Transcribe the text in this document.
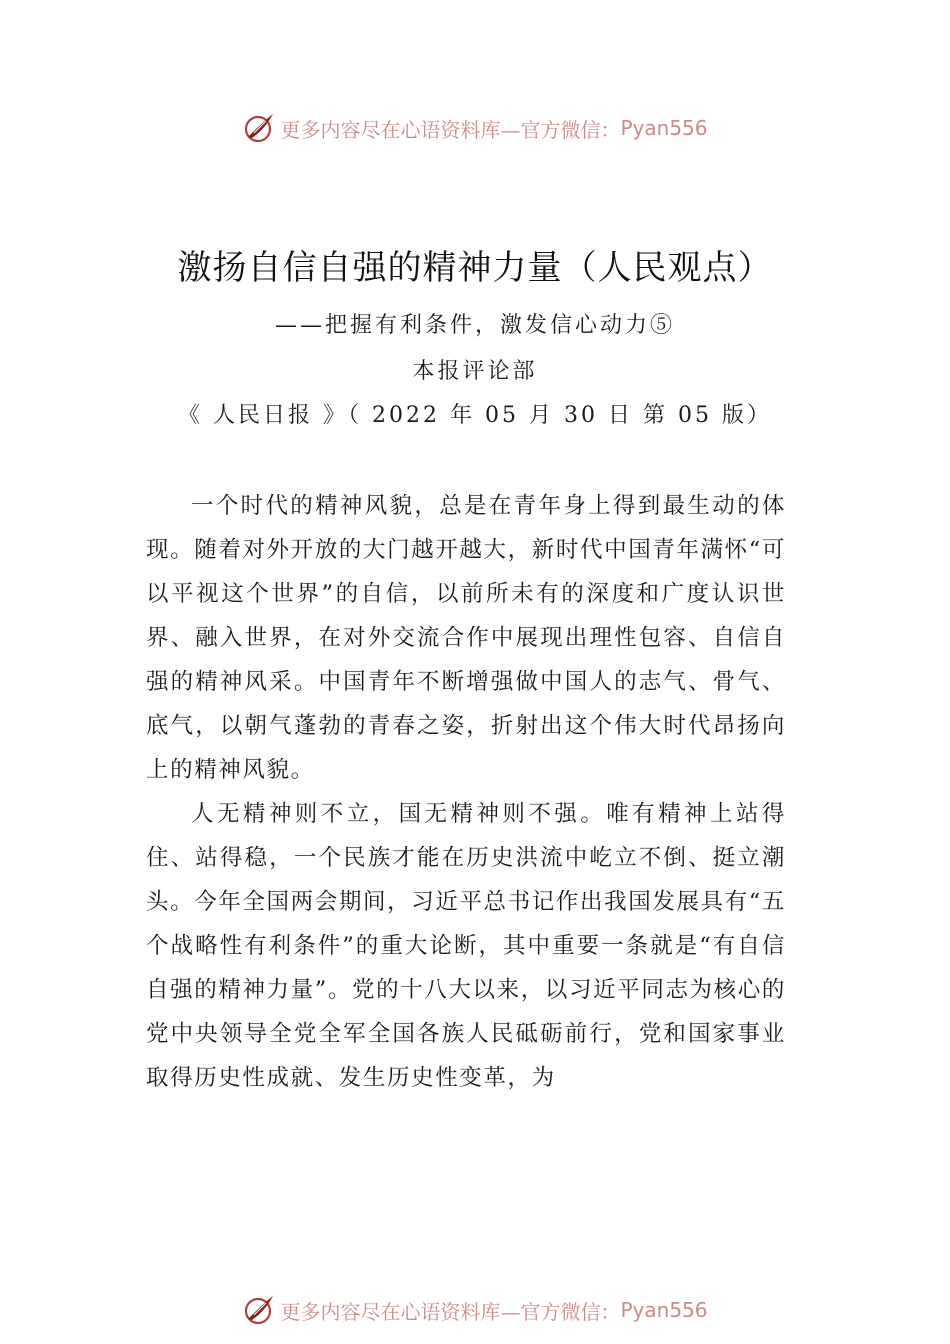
更多内容尽在心语资料库—官方微信： Pyan556
激扬自信自强的精神力量（人民观点）
——把握有利条件，激发信心动力⑤
本报评论部
《 人民日报 》（ 2022 年 05 月 30 日 第 05 版）

一个时代的精神风貌，总是在青年身上得到最生动的体现。随着对外开放的大门越开越大，新时代中国青年满怀“可以平视这个世界”的自信，以前所未有的深度和广度认识世界、融入世界，在对外交流合作中展现出理性包容、自信自强的精神风采。中国青年不断增强做中国人的志气、骨气、底气，以朝气蓬勃的青春之姿，折射出这个伟大时代昂扬向上的精神风貌。

人无精神则不立，国无精神则不强。唯有精神上站得住、站得稳，一个民族才能在历史洪流中屹立不倒、挺立潮头。今年全国两会期间，习近平总书记作出我国发展具有“五个战略性有利条件”的重大论断，其中重要一条就是“有自信自强的精神力量”。党的十八大以来，以习近平同志为核心的党中央领导全党全军全国各族人民砥砺前行，党和国家事业取得历史性成就、发生历史性变革，为

更多内容尽在心语资料库—官方微信： Pyan556
